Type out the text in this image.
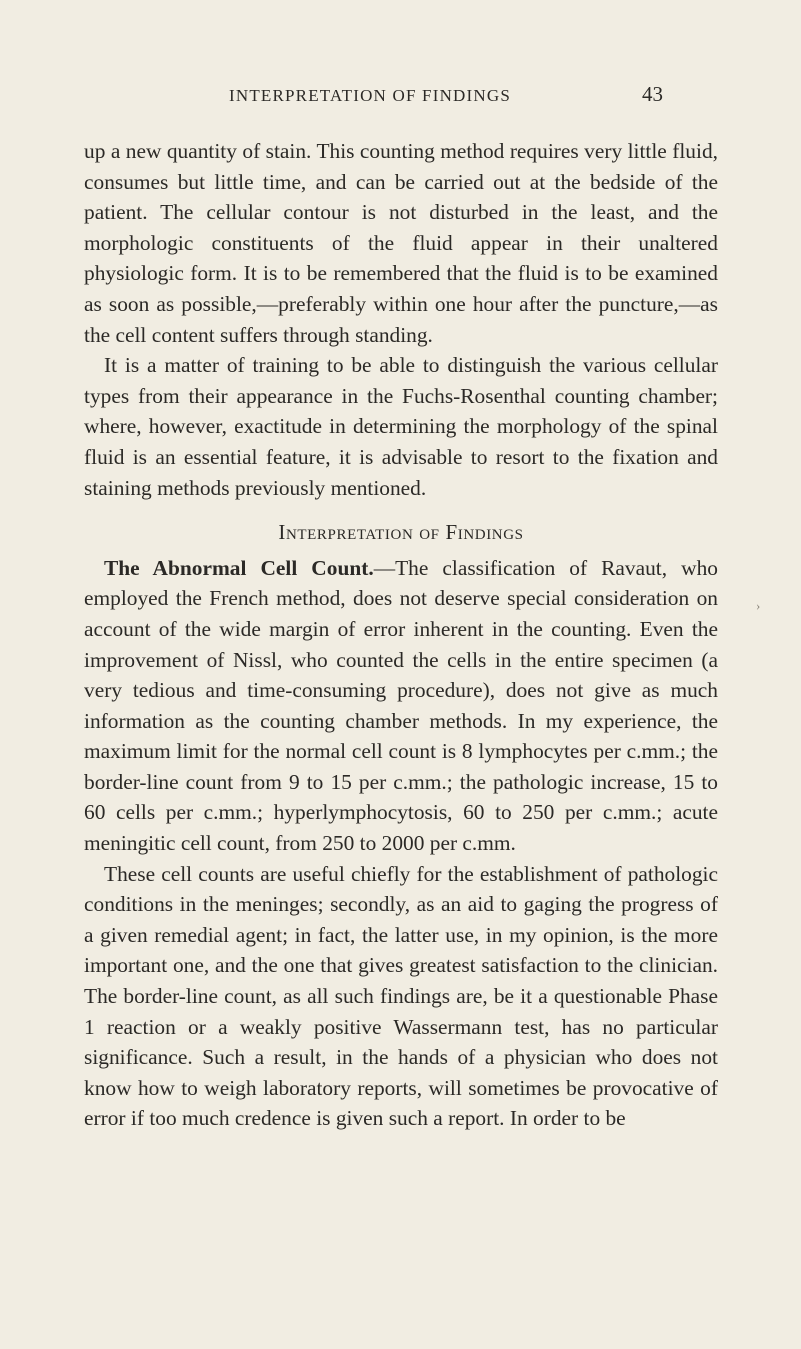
INTERPRETATION OF FINDINGS	43

up a new quantity of stain. This counting method requires very little fluid, consumes but little time, and can be carried out at the bedside of the patient. The cellular contour is not disturbed in the least, and the morphologic constituents of the fluid appear in their unaltered physiologic form. It is to be remembered that the fluid is to be examined as soon as possible,—preferably within one hour after the puncture,—as the cell content suffers through standing.

It is a matter of training to be able to distinguish the various cellular types from their appearance in the Fuchs-Rosenthal counting chamber; where, however, exactitude in determining the morphology of the spinal fluid is an essential feature, it is advisable to resort to the fixation and staining methods previously mentioned.

Interpretation of Findings

The Abnormal Cell Count.—The classification of Ravaut, who employed the French method, does not deserve special consideration on account of the wide margin of error inherent in the counting. Even the improvement of Nissl, who counted the cells in the entire specimen (a very tedious and time-consuming procedure), does not give as much information as the counting chamber methods. In my experience, the maximum limit for the normal cell count is 8 lymphocytes per c.mm.; the border-line count from 9 to 15 per c.mm.; the pathologic increase, 15 to 60 cells per c.mm.; hyperlymphocytosis, 60 to 250 per c.mm.; acute meningitic cell count, from 250 to 2000 per c.mm.

These cell counts are useful chiefly for the establishment of pathologic conditions in the meninges; secondly, as an aid to gaging the progress of a given remedial agent; in fact, the latter use, in my opinion, is the more important one, and the one that gives greatest satisfaction to the clinician. The border-line count, as all such findings are, be it a questionable Phase 1 reaction or a weakly positive Wassermann test, has no particular significance. Such a result, in the hands of a physician who does not know how to weigh laboratory reports, will sometimes be provocative of error if too much credence is given such a report. In order to be

›
